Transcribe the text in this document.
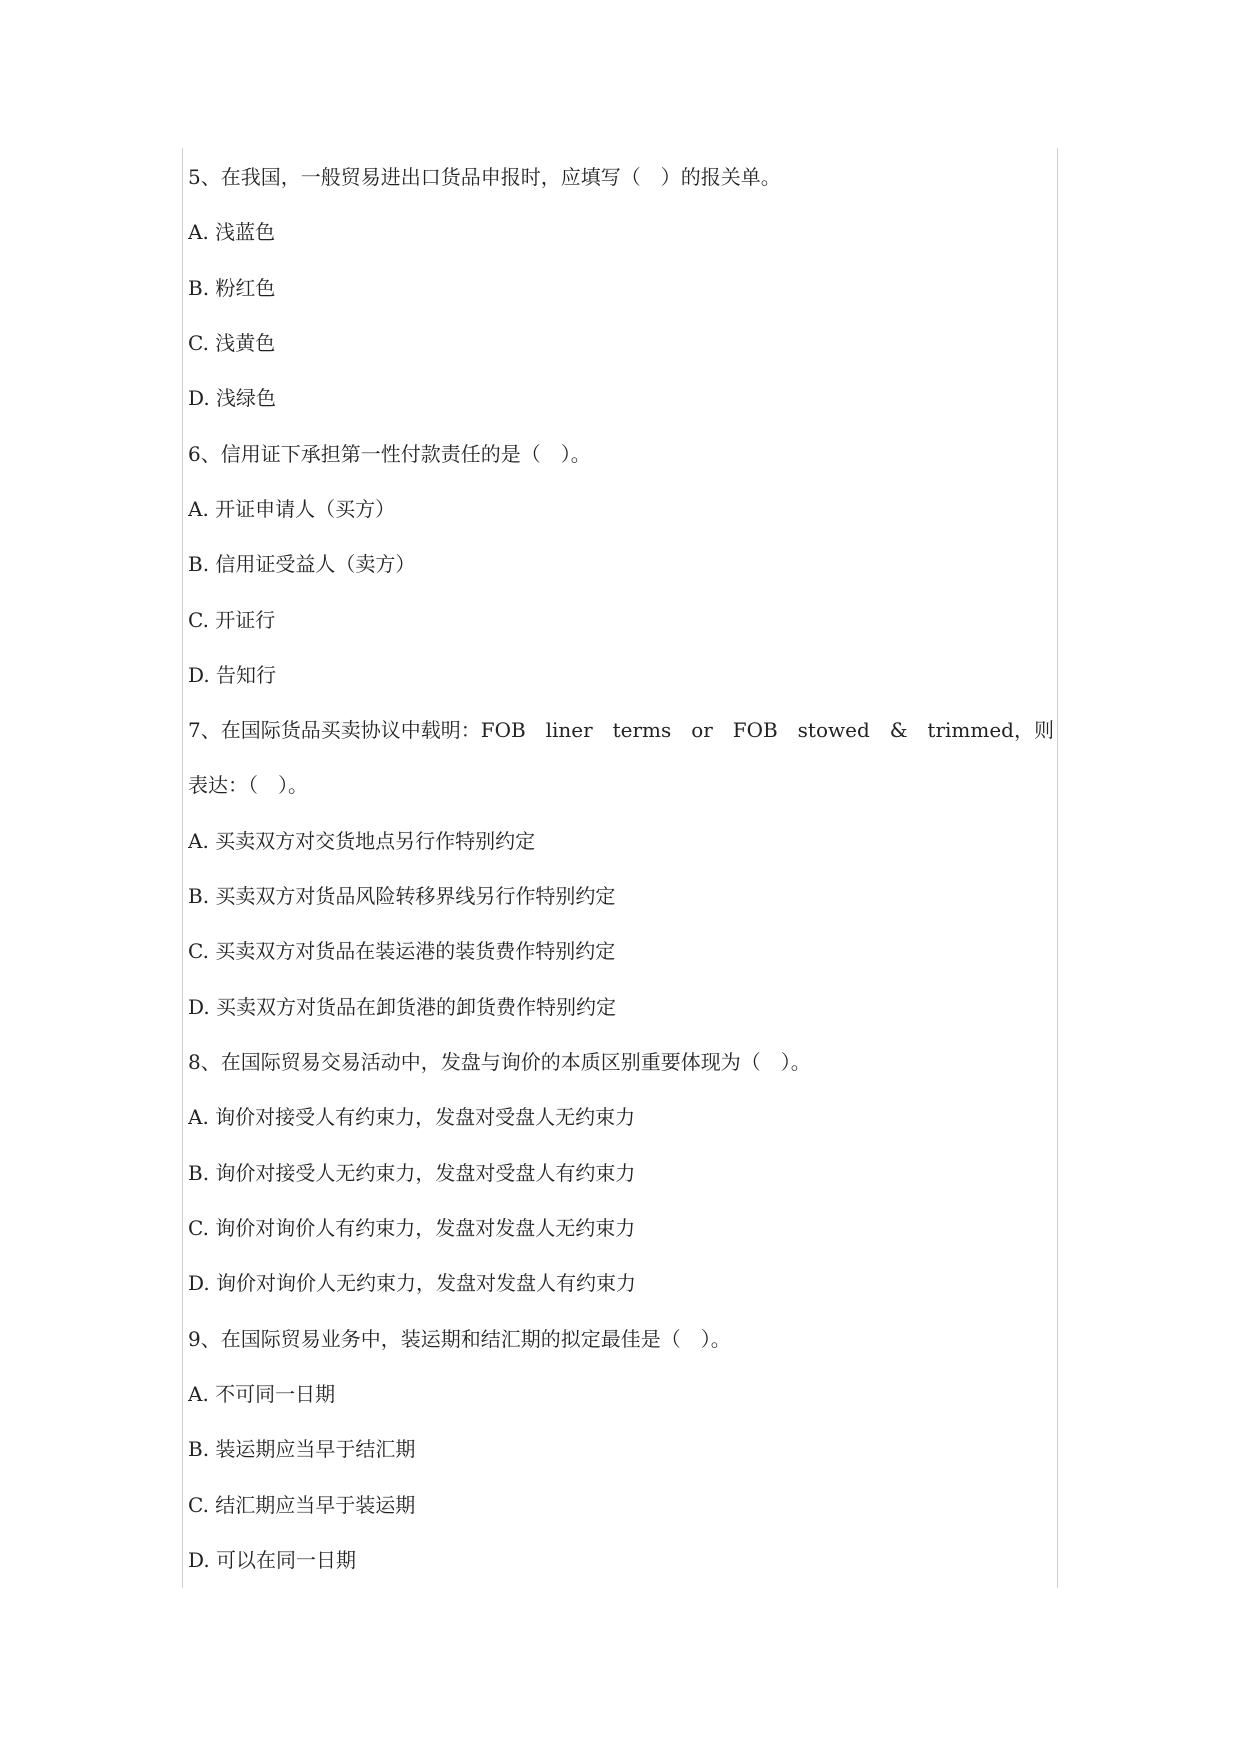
5、在我国，一般贸易进出口货品申报时，应填写（　）的报关单。
A. 浅蓝色
B. 粉红色
C. 浅黄色
D. 浅绿色
6、信用证下承担第一性付款责任的是（　）。
A. 开证申请人（买方）
B. 信用证受益人（卖方）
C. 开证行
D. 告知行
7、在国际货品买卖协议中载明：FOB liner terms or FOB stowed & trimmed，则
表达：（　）。
A. 买卖双方对交货地点另行作特别约定
B. 买卖双方对货品风险转移界线另行作特别约定
C. 买卖双方对货品在装运港的装货费作特别约定
D. 买卖双方对货品在卸货港的卸货费作特别约定
8、在国际贸易交易活动中，发盘与询价的本质区别重要体现为（　）。
A. 询价对接受人有约束力，发盘对受盘人无约束力
B. 询价对接受人无约束力，发盘对受盘人有约束力
C. 询价对询价人有约束力，发盘对发盘人无约束力
D. 询价对询价人无约束力，发盘对发盘人有约束力
9、在国际贸易业务中，装运期和结汇期的拟定最佳是（　）。
A. 不可同一日期
B. 装运期应当早于结汇期
C. 结汇期应当早于装运期
D. 可以在同一日期
